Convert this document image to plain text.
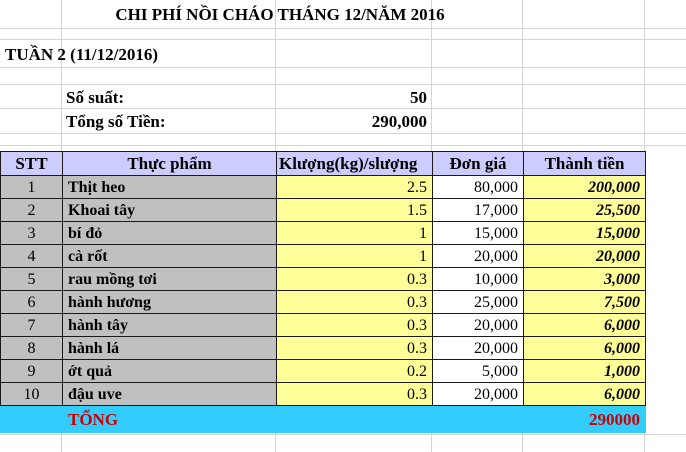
CHI PHÍ NỒI CHÁO THÁNG 12/NĂM 2016
TUẦN 2 (11/12/2016)
Số suất:	50
Tổng số Tiền:	290,000
STT	Thực phẩm	Klượng(kg)/slượng	Đơn giá	Thành tiền
1	Thịt heo	2.5	80,000	200,000
2	Khoai tây	1.5	17,000	25,500
3	bí đỏ	1	15,000	15,000
4	cà rốt	1	20,000	20,000
5	rau mồng tơi	0.3	10,000	3,000
6	hành hương	0.3	25,000	7,500
7	hành tây	0.3	20,000	6,000
8	hành lá	0.3	20,000	6,000
9	ớt quả	0.2	5,000	1,000
10	đậu uve	0.3	20,000	6,000
	TỔNG			290000
